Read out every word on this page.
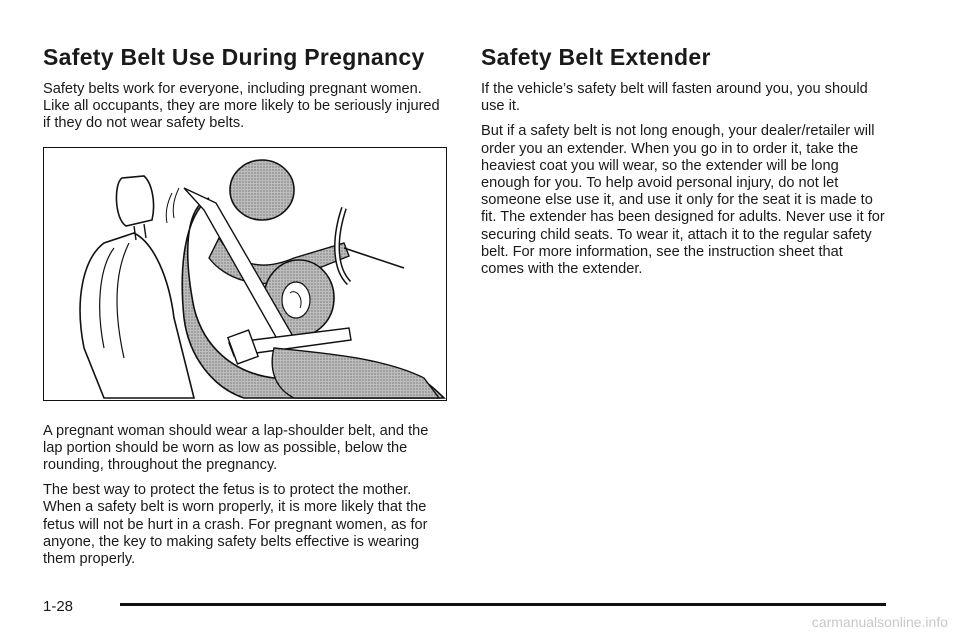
Safety Belt Use During Pregnancy

Safety belts work for everyone, including pregnant women. Like all occupants, they are more likely to be seriously injured if they do not wear safety belts.

A pregnant woman should wear a lap-shoulder belt, and the lap portion should be worn as low as possible, below the rounding, throughout the pregnancy.

The best way to protect the fetus is to protect the mother. When a safety belt is worn properly, it is more likely that the fetus will not be hurt in a crash. For pregnant women, as for anyone, the key to making safety belts effective is wearing them properly.

Safety Belt Extender

If the vehicle’s safety belt will fasten around you, you should use it.

But if a safety belt is not long enough, your dealer/retailer will order you an extender. When you go in to order it, take the heaviest coat you will wear, so the extender will be long enough for you. To help avoid personal injury, do not let someone else use it, and use it only for the seat it is made to fit. The extender has been designed for adults. Never use it for securing child seats. To wear it, attach it to the regular safety belt. For more information, see the instruction sheet that comes with the extender.

1-28
carmanualsonline.info
